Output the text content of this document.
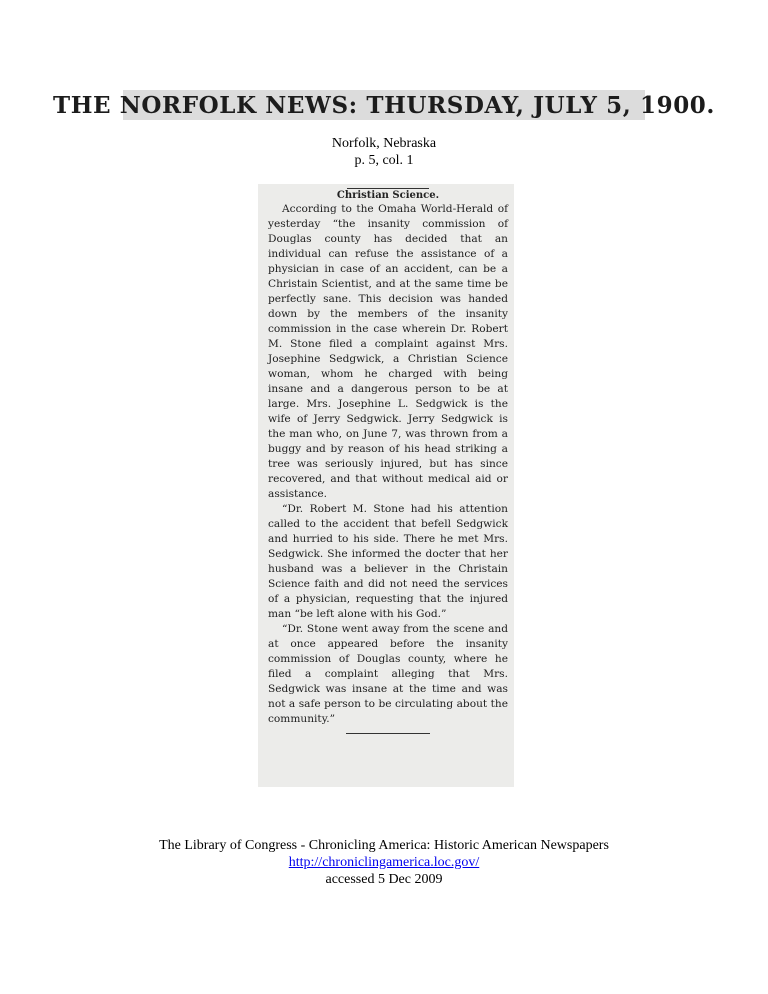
THE NORFOLK NEWS: THURSDAY, JULY 5, 1900.
Norfolk, Nebraska
p. 5, col. 1
Christian Science.

According to the Omaha World-Herald of yesterday “the insanity commission of Douglas county has decided that an individual can refuse the assistance of a physician in case of an accident, can be a Christain Scientist, and at the same time be perfectly sane. This decision was handed down by the members of the insanity commission in the case wherein Dr. Robert M. Stone filed a complaint against Mrs. Josephine Sedgwick, a Christian Science woman, whom he charged with being insane and a dangerous person to be at large. Mrs. Josephine L. Sedgwick is the wife of Jerry Sedgwick. Jerry Sedgwick is the man who, on June 7, was thrown from a buggy and by reason of his head striking a tree was seriously injured, but has since recovered, and that without medical aid or assistance.

“Dr. Robert M. Stone had his attention called to the accident that befell Sedgwick and hurried to his side. There he met Mrs. Sedgwick. She informed the docter that her husband was a believer in the Christain Science faith and did not need the services of a physician, requesting that the injured man “be left alone with his God.”

“Dr. Stone went away from the scene and at once appeared before the insanity commission of Douglas county, where he filed a complaint alleging that Mrs. Sedgwick was insane at the time and was not a safe person to be circulating about the community.”

The Library of Congress - Chronicling America: Historic American Newspapers
http://chroniclingamerica.loc.gov/
accessed 5 Dec 2009
